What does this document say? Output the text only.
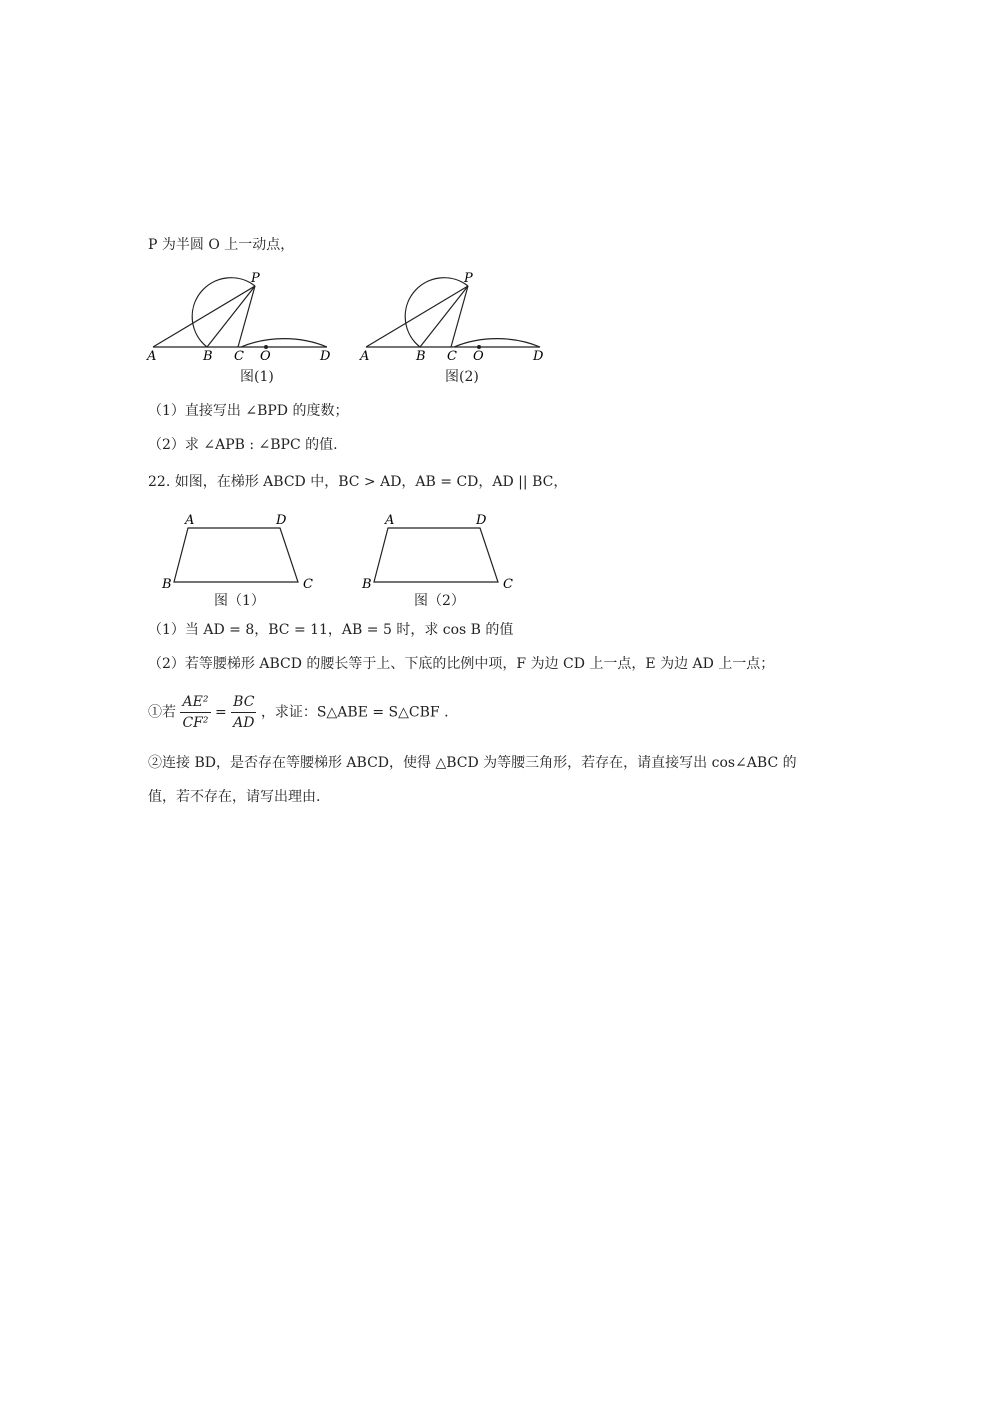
P 为半圆 O 上一动点，
A	B C O	D
P
图(1)
A	B C O	D
P
图(2)
（1）直接写出 ∠BPD 的度数；
（2）求 ∠APB : ∠BPC 的值.
22. 如图，在梯形 ABCD 中，BC > AD，AB = CD，AD || BC，
A	D
B	C
图（1）
A	D
B	C
图（2）
（1）当 AD = 8，BC = 11，AB = 5 时，求 cos B 的值
（2）若等腰梯形 ABCD 的腰长等于上、下底的比例中项，F 为边 CD 上一点，E 为边 AD 上一点；
①若 $\frac{\text{AE²}}{\text{CF²}} = \frac{BC}{AD}$ ，求证：S△ABE = S△CBF .
②连接 BD，是否存在等腰梯形 ABCD，使得 △BCD 为等腰三角形，若存在，请直接写出 cos∠ABC 的
值，若不存在，请写出理由.
